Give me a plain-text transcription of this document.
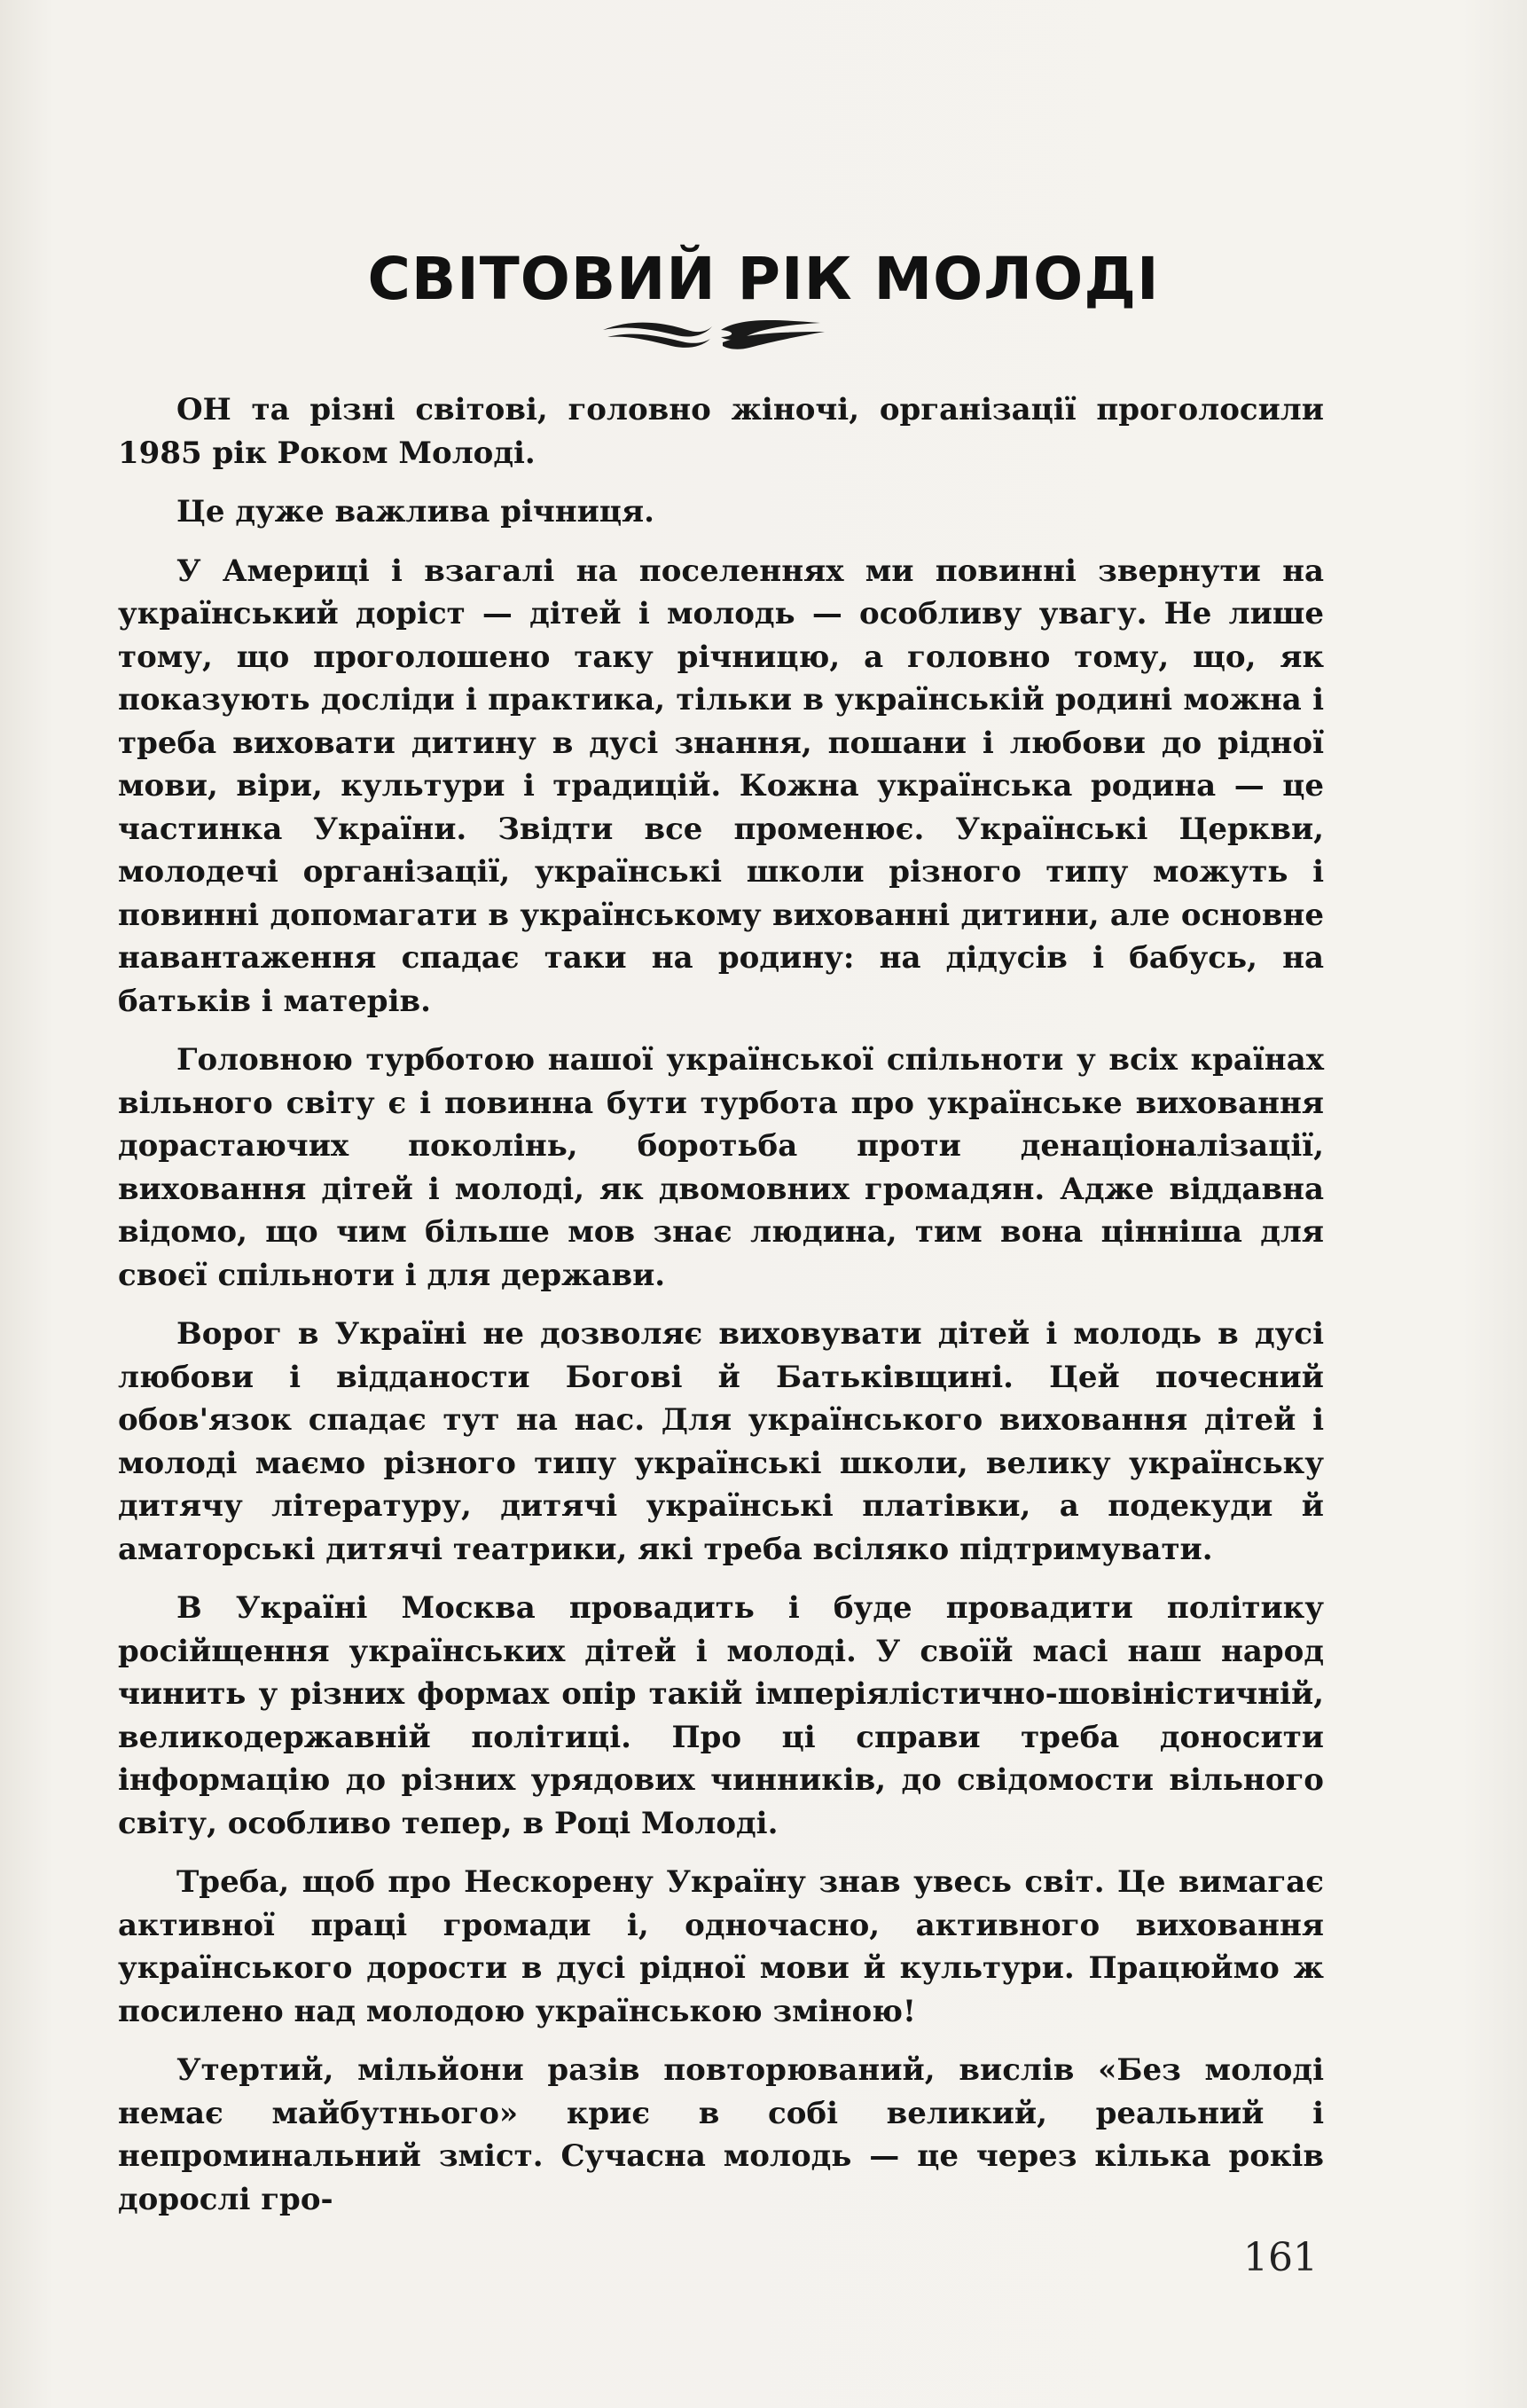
СВІТОВИЙ РІК МОЛОДІ

ОН та різні світові, головно жіночі, організації проголосили 1985 рік Роком Молоді.

Це дуже важлива річниця.

У Америці і взагалі на поселеннях ми повинні звернути на український доріст — дітей і молодь — особливу увагу. Не лише тому, що проголошено таку річницю, а головно тому, що, як показують досліди і практика, тільки в українській родині можна і треба виховати дитину в дусі знання, пошани і любови до рідної мови, віри, культури і традицій. Кожна українська родина — це частинка України. Звідти все променює. Українські Церкви, молодечі організації, українські школи різного типу можуть і повинні допомагати в українському вихованні дитини, але основне навантаження спадає таки на родину: на дідусів і бабусь, на батьків і матерів.

Головною турботою нашої української спільноти у всіх країнах вільного світу є і повинна бути турбота про українське виховання дорастаючих поколінь, боротьба проти денаціоналізації, виховання дітей і молоді, як двомовних громадян. Адже віддавна відомо, що чим більше мов знає людина, тим вона цінніша для своєї спільноти і для держави.

Ворог в Україні не дозволяє виховувати дітей і молодь в дусі любови і відданости Богові й Батьківщині. Цей почесний обов'язок спадає тут на нас. Для українського виховання дітей і молоді маємо різного типу українські школи, велику українську дитячу літературу, дитячі українські платівки, а подекуди й аматорські дитячі театрики, які треба всіляко підтримувати.

В Україні Москва провадить і буде провадити політику російщення українських дітей і молоді. У своїй масі наш народ чинить у різних формах опір такій імперіялістично-шовіністичній, великодержавній політиці. Про ці справи треба доносити інформацію до різних урядових чинників, до свідомости вільного світу, особливо тепер, в Році Молоді.

Треба, щоб про Нескорену Україну знав увесь світ. Це вимагає активної праці громади і, одночасно, активного виховання українського дорости в дусі рідної мови й культури. Працюймо ж посилено над молодою українською зміною!

Утертий, мільйони разів повторюваний, вислів «Без молоді немає майбутнього» криє в собі великий, реальний і непроминальний зміст. Сучасна молодь — це через кілька років дорослі гро-

161
